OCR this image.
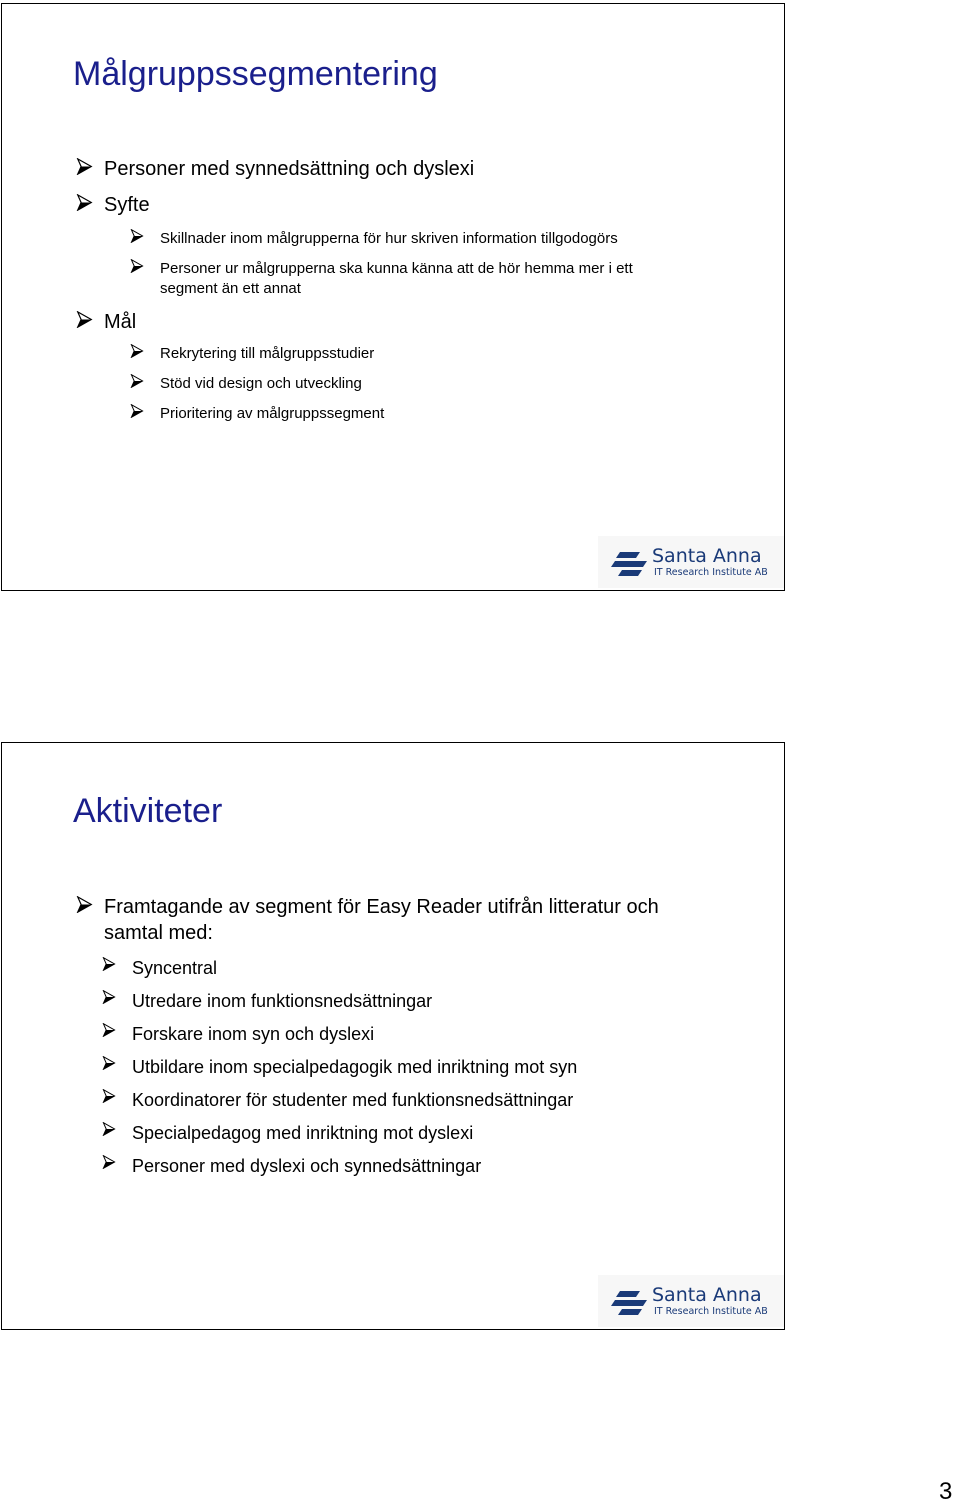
Målgruppssegmentering
Personer med synnedsättning och dyslexi
Syfte
Skillnader inom målgrupperna för hur skriven information tillgodogörs
Personer ur målgrupperna ska kunna känna att de hör hemma mer i ett
segment än ett annat
Mål
Rekrytering till målgruppsstudier
Stöd vid design och utveckling
Prioritering av målgruppssegment
Santa Anna
IT Research Institute AB
Aktiviteter
Framtagande av segment för Easy Reader utifrån litteratur och
samtal med:
Syncentral
Utredare inom funktionsnedsättningar
Forskare inom syn och dyslexi
Utbildare inom specialpedagogik med inriktning mot syn
Koordinatorer för studenter med funktionsnedsättningar
Specialpedagog med inriktning mot dyslexi
Personer med dyslexi och synnedsättningar
Santa Anna
IT Research Institute AB
3
